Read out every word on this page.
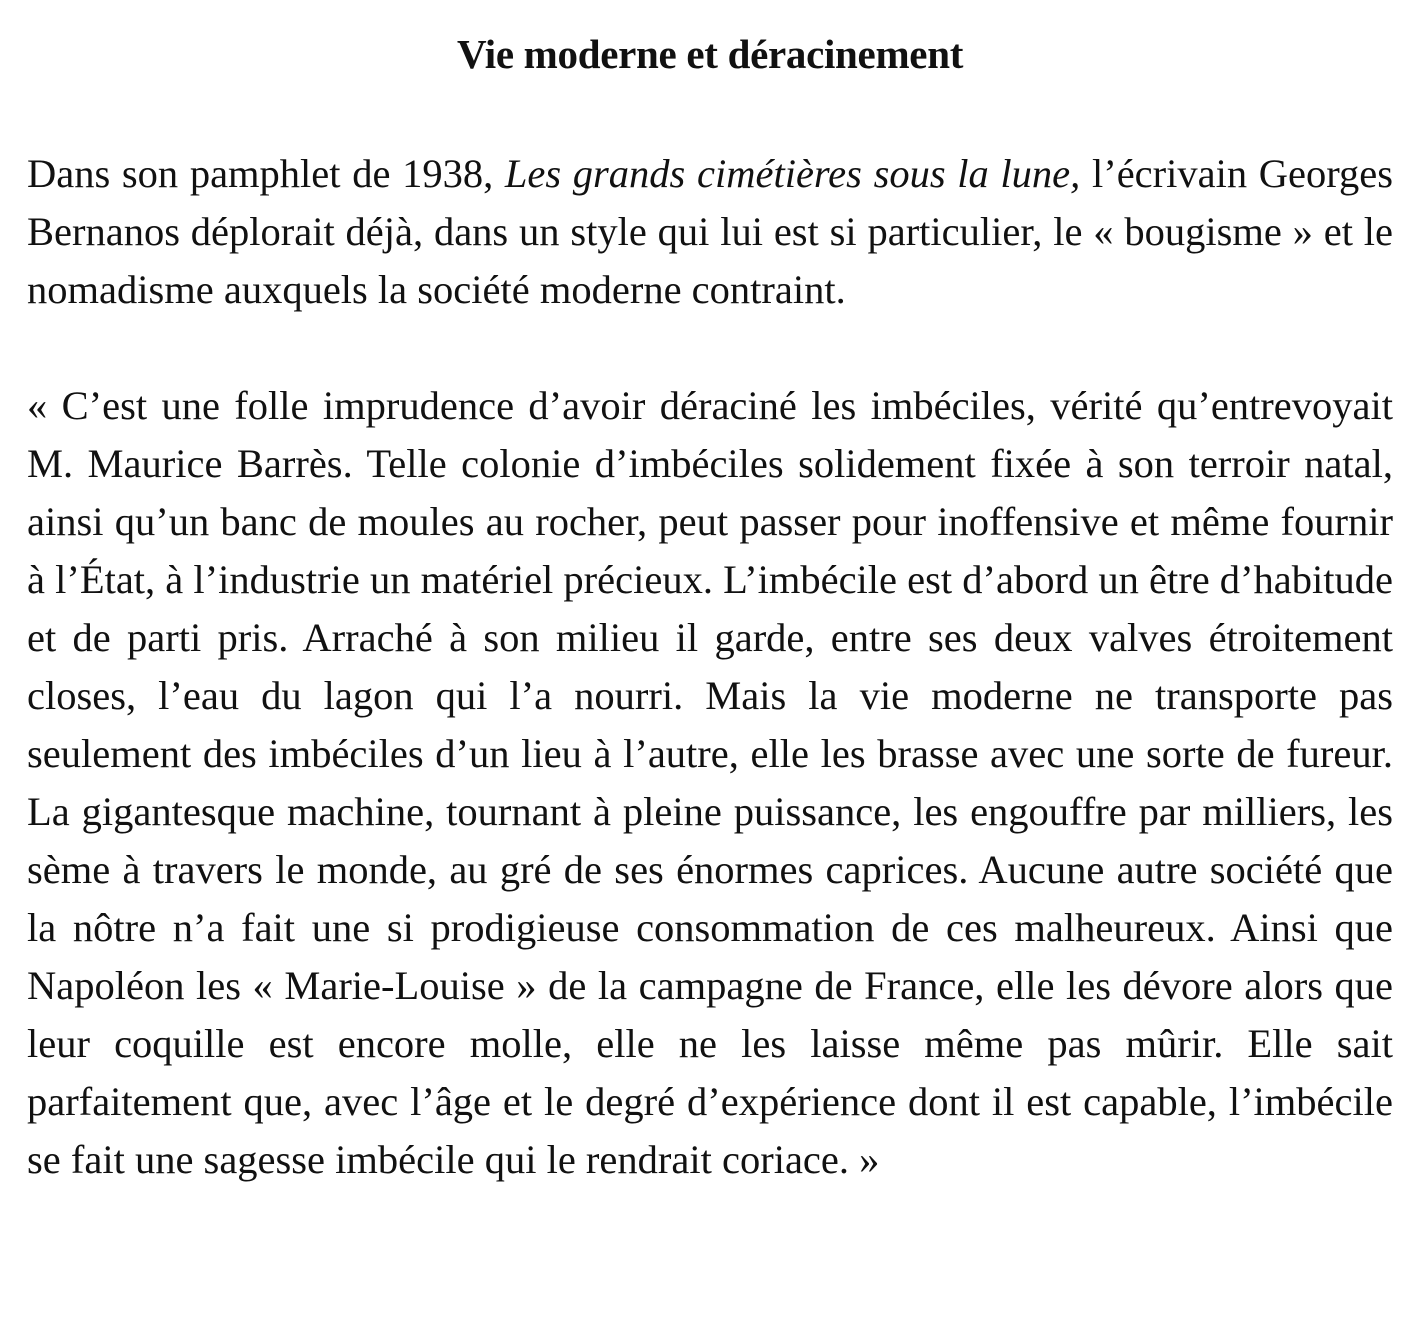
Vie moderne et déracinement

Dans son pamphlet de 1938, Les grands cimétières sous la lune, l’écrivain Georges Bernanos déplorait déjà, dans un style qui lui est si particulier, le « bougisme » et le nomadisme auxquels la société moderne contraint.

« C’est une folle imprudence d’avoir déraciné les imbéciles, vérité qu’entrevoyait M. Maurice Barrès. Telle colonie d’imbéciles solidement fixée à son terroir natal, ainsi qu’un banc de moules au rocher, peut passer pour inoffensive et même fournir à l’État, à l’industrie un matériel précieux. L’imbécile est d’abord un être d’habitude et de parti pris. Arraché à son milieu il garde, entre ses deux valves étroitement closes, l’eau du lagon qui l’a nourri. Mais la vie moderne ne transporte pas seulement des imbéciles d’un lieu à l’autre, elle les brasse avec une sorte de fureur. La gigantesque machine, tournant à pleine puissance, les engouffre par milliers, les sème à travers le monde, au gré de ses énormes caprices. Aucune autre société que la nôtre n’a fait une si prodigieuse consommation de ces malheureux. Ainsi que Napoléon les « Marie-Louise » de la campagne de France, elle les dévore alors que leur coquille est encore molle, elle ne les laisse même pas mûrir. Elle sait parfaitement que, avec l’âge et le degré d’expérience dont il est capable, l’imbécile se fait une sagesse imbécile qui le rendrait coriace. »
